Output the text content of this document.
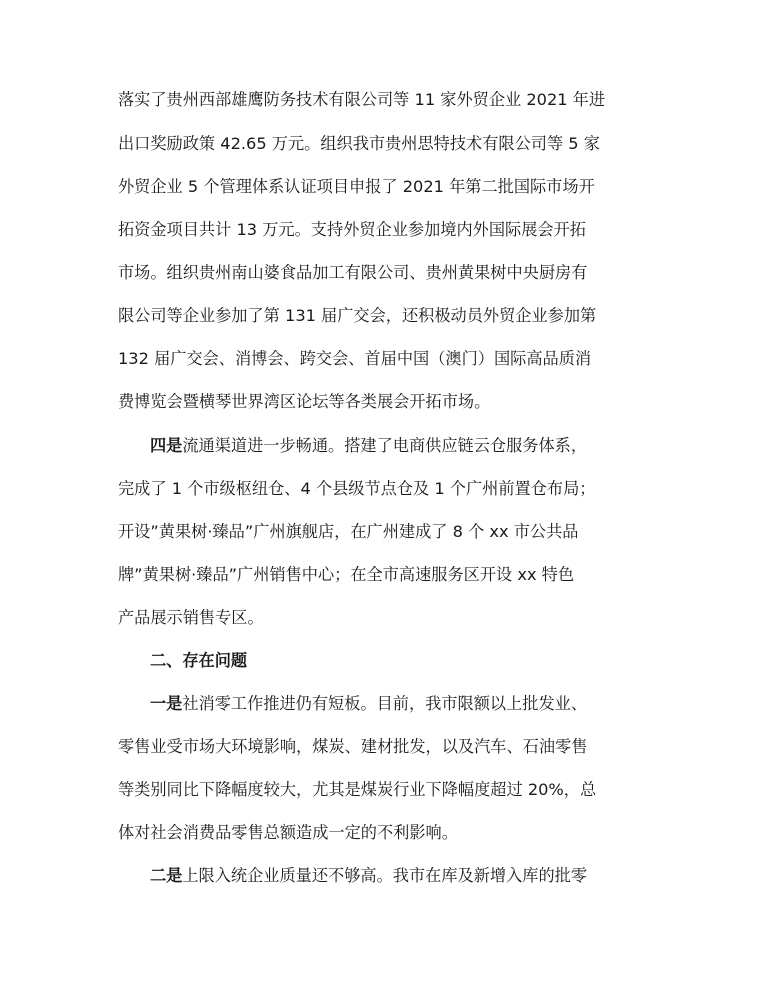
落实了贵州西部雄鹰防务技术有限公司等 11 家外贸企业 2021 年进
出口奖励政策 42.65 万元。组织我市贵州思特技术有限公司等 5 家
外贸企业 5 个管理体系认证项目申报了 2021 年第二批国际市场开
拓资金项目共计 13 万元。支持外贸企业参加境内外国际展会开拓
市场。组织贵州南山婆食品加工有限公司、贵州黄果树中央厨房有
限公司等企业参加了第 131 届广交会，还积极动员外贸企业参加第
132 届广交会、消博会、跨交会、首届中国（澳门）国际高品质消
费博览会暨横琴世界湾区论坛等各类展会开拓市场。
四是流通渠道进一步畅通。搭建了电商供应链云仓服务体系，
完成了 1 个市级枢纽仓、4 个县级节点仓及 1 个广州前置仓布局；
开设”黄果树·臻品”广州旗舰店，在广州建成了 8 个 xx 市公共品
牌”黄果树·臻品”广州销售中心；在全市高速服务区开设 xx 特色
产品展示销售专区。
二、存在问题
一是社消零工作推进仍有短板。目前，我市限额以上批发业、
零售业受市场大环境影响，煤炭、建材批发，以及汽车、石油零售
等类别同比下降幅度较大，尤其是煤炭行业下降幅度超过 20%，总
体对社会消费品零售总额造成一定的不利影响。
二是上限入统企业质量还不够高。我市在库及新增入库的批零
